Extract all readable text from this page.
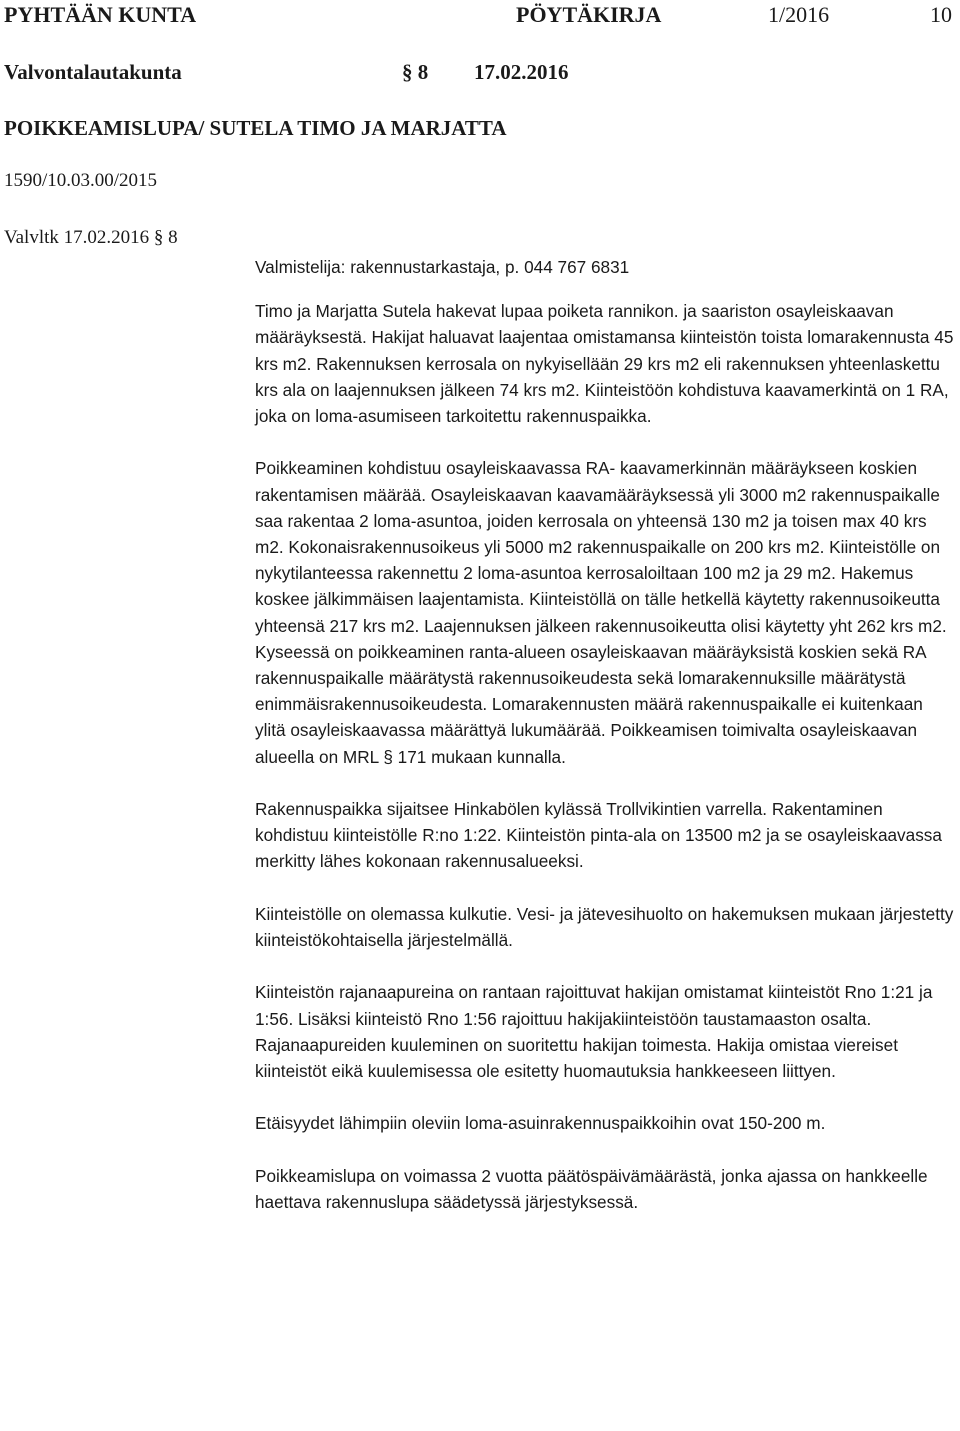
PYHTÄÄN KUNTA	PÖYTÄKIRJA	1/2016	10
Valvontalautakunta	§ 8 17.02.2016
POIKKEAMISLUPA/ SUTELA TIMO JA MARJATTA
1590/10.03.00/2015
Valvltk 17.02.2016 § 8

Valmistelija: rakennustarkastaja, p. 044 767 6831

Timo ja Marjatta Sutela hakevat lupaa poiketa rannikon. ja saariston osayleiskaavan määräyksestä. Hakijat haluavat laajentaa omistamansa kiinteistön toista lomarakennusta 45 krs m2. Rakennuksen kerrosala on nykyisellään 29 krs m2 eli rakennuksen yhteenlaskettu krs ala on laajennuksen jälkeen 74 krs m2. Kiinteistöön kohdistuva kaavamerkintä on 1 RA, joka on loma-asumiseen tarkoitettu rakennuspaikka.

Poikkeaminen kohdistuu osayleiskaavassa RA- kaavamerkinnän määräykseen koskien rakentamisen määrää. Osayleiskaavan kaavamääräyksessä yli 3000 m2 rakennuspaikalle saa rakentaa 2 loma-asuntoa, joiden kerrosala on yhteensä 130 m2 ja toisen max 40 krs m2. Kokonaisrakennusoikeus yli 5000 m2 rakennuspaikalle on 200 krs m2. Kiinteistölle on nykytilanteessa rakennettu 2 loma-asuntoa kerrosaloiltaan 100 m2 ja 29 m2. Hakemus koskee jälkimmäisen laajentamista. Kiinteistöllä on tälle hetkellä käytetty rakennusoikeutta yhteensä 217 krs m2. Laajennuksen jälkeen rakennusoikeutta olisi käytetty yht 262 krs m2. Kyseessä on poikkeaminen ranta-alueen osayleiskaavan määräyksistä koskien sekä RA rakennuspaikalle määrätystä rakennusoikeudesta sekä lomarakennuksille määrätystä enimmäisrakennusoikeudesta. Lomarakennusten määrä rakennuspaikalle ei kuitenkaan ylitä osayleiskaavassa määrättyä lukumäärää. Poikkeamisen toimivalta osayleiskaavan alueella on MRL § 171 mukaan kunnalla.

Rakennuspaikka sijaitsee Hinkabölen kylässä Trollvikintien varrella. Rakentaminen kohdistuu kiinteistölle R:no 1:22. Kiinteistön pinta-ala on 13500 m2 ja se osayleiskaavassa merkitty lähes kokonaan rakennusalueeksi.

Kiinteistölle on olemassa kulkutie. Vesi- ja jätevesihuolto on hakemuksen mukaan järjestetty kiinteistökohtaisella järjestelmällä.

Kiinteistön rajanaapureina on rantaan rajoittuvat hakijan omistamat kiinteistöt Rno 1:21 ja 1:56. Lisäksi kiinteistö Rno 1:56 rajoittuu hakijakiinteistöön taustamaaston osalta. Rajanaapureiden kuuleminen on suoritettu hakijan toimesta. Hakija omistaa viereiset kiinteistöt eikä kuulemisessa ole esitetty huomautuksia hankkeeseen liittyen.

Etäisyydet lähimpiin oleviin loma-asuinrakennuspaikkoihin ovat 150-200 m.

Poikkeamislupa on voimassa 2 vuotta päätöspäivämäärästä, jonka ajassa on hankkeelle haettava rakennuslupa säädetyssä järjestyksessä.
